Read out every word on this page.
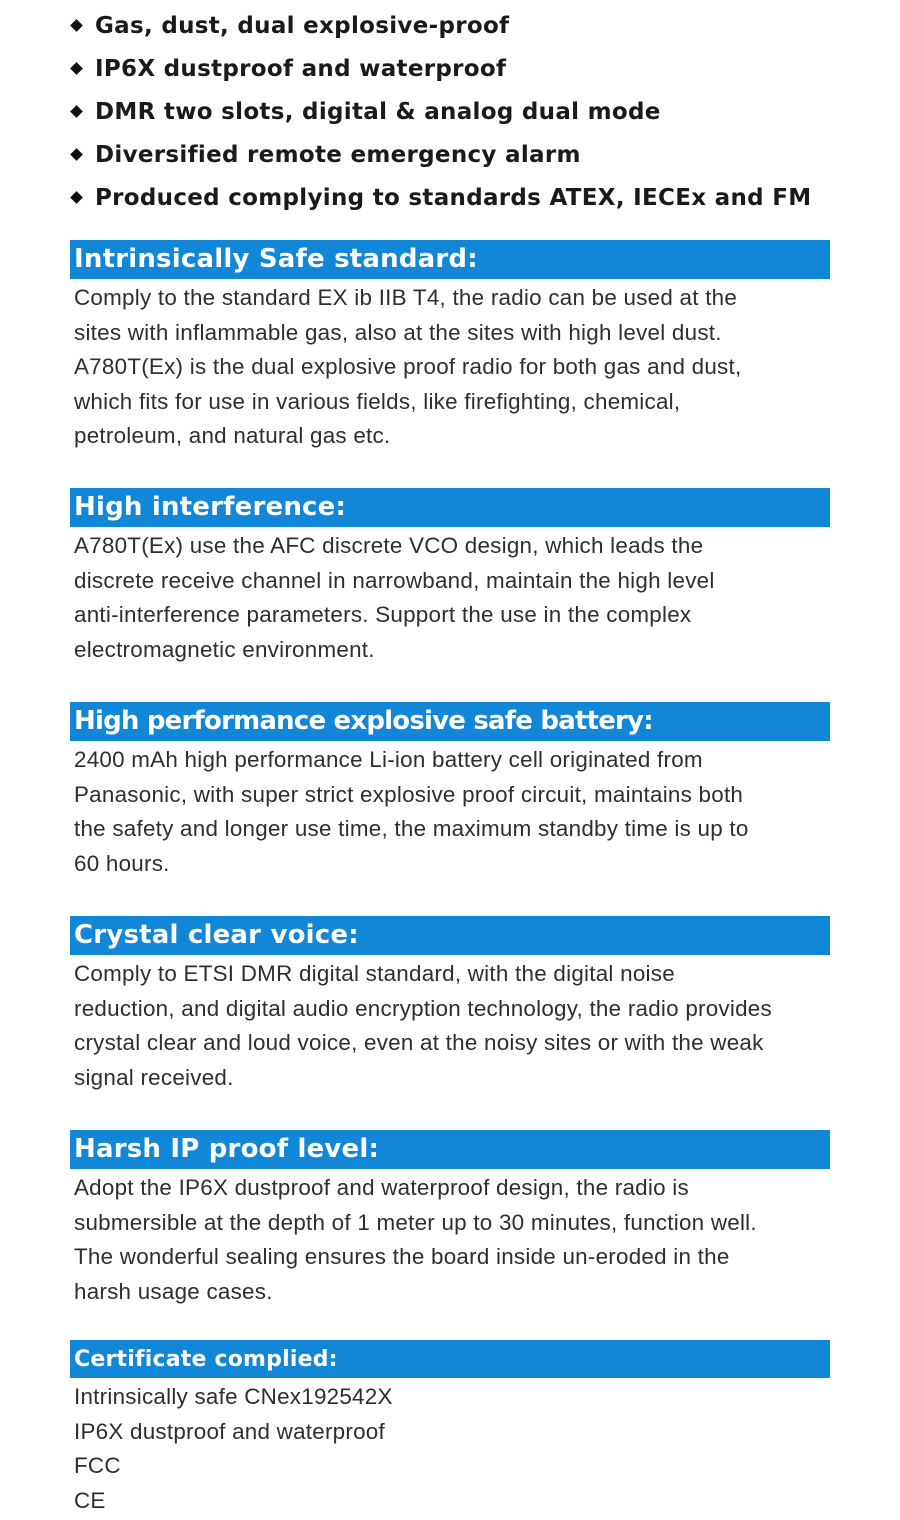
Gas, dust, dual explosive-proof
IP6X dustproof and waterproof
DMR two slots, digital & analog dual mode
Diversified remote emergency alarm
Produced complying to standards ATEX, IECEx and FM
Intrinsically Safe standard:

Comply to the standard EX ib IIB T4, the radio can be used at the

sites with inflammable gas, also at the sites with high level dust.

A780T(Ex) is the dual explosive proof radio for both gas and dust,

which fits for use in various fields, like firefighting, chemical,

petroleum, and natural gas etc.

High interference:

A780T(Ex) use the AFC discrete VCO design, which leads the

discrete receive channel in narrowband, maintain the high level

anti-interference parameters. Support the use in the complex

electromagnetic environment.

High performance explosive safe battery:

2400 mAh high performance Li-ion battery cell originated from

Panasonic, with super strict explosive proof circuit, maintains both

the safety and longer use time, the maximum standby time is up to

60 hours.

Crystal clear voice:

Comply to ETSI DMR digital standard, with the digital noise

reduction, and digital audio encryption technology, the radio provides

crystal clear and loud voice, even at the noisy sites or with the weak

signal received.

Harsh IP proof level:

Adopt the IP6X dustproof and waterproof design, the radio is

submersible at the depth of 1 meter up to 30 minutes, function well.

The wonderful sealing ensures the board inside un-eroded in the

harsh usage cases.

Certificate complied:

Intrinsically safe CNex192542X

IP6X dustproof and waterproof

FCC

CE
